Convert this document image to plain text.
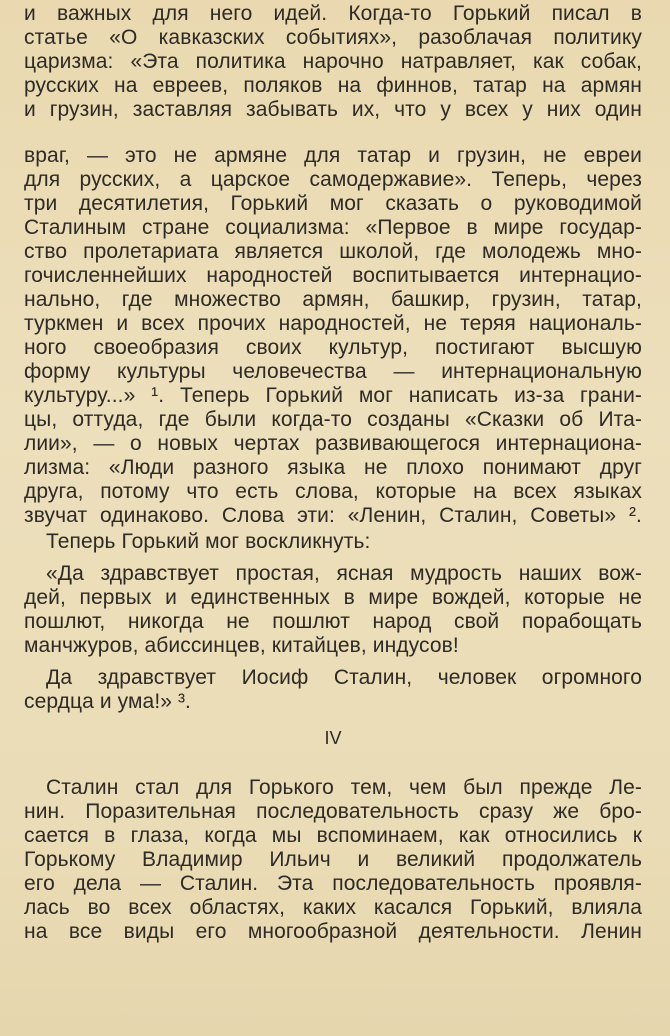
и важных для него идей. Когда-то Горький писал в
статье «О кавказских событиях», разоблачая политику
царизма: «Эта политика нарочно натравляет, как собак,
русских на евреев, поляков на финнов, татар на армян
и грузин, заставляя забывать их, что у всех у них один
враг, — это не армяне для татар и грузин, не евреи
для русских, а царское самодержавие». Теперь, через
три десятилетия, Горький мог сказать о руководимой
Сталиным стране социализма: «Первое в мире государ-
ство пролетариата является школой, где молодежь мно-
гочисленнейших народностей воспитывается интернацио-
нально, где множество армян, башкир, грузин, татар,
туркмен и всех прочих народностей, не теряя националь-
ного своеобразия своих культур, постигают высшую
форму культуры человечества — интернациональную
культуру...» ¹. Теперь Горький мог написать из-за грани-
цы, оттуда, где были когда-то созданы «Сказки об Ита-
лии», — о новых чертах развивающегося интернациона-
лизма: «Люди разного языка не плохо понимают друг
друга, потому что есть слова, которые на всех языках
звучат одинаково. Слова эти: «Ленин, Сталин, Советы» ².
Теперь Горький мог воскликнуть:
«Да здравствует простая, ясная мудрость наших вож-
дей, первых и единственных в мире вождей, которые не
пошлют, никогда не пошлют народ свой порабощать
манчжуров, абиссинцев, китайцев, индусов!
Да здравствует Иосиф Сталин, человек огромного
сердца и ума!» ³.
IV
Сталин стал для Горького тем, чем был прежде Ле-
нин. Поразительная последовательность сразу же бро-
сается в глаза, когда мы вспоминаем, как относились к
Горькому Владимир Ильич и великий продолжатель
его дела — Сталин. Эта последовательность проявля-
лась во всех областях, каких касался Горький, влияла
на все виды его многообразной деятельности. Ленин
